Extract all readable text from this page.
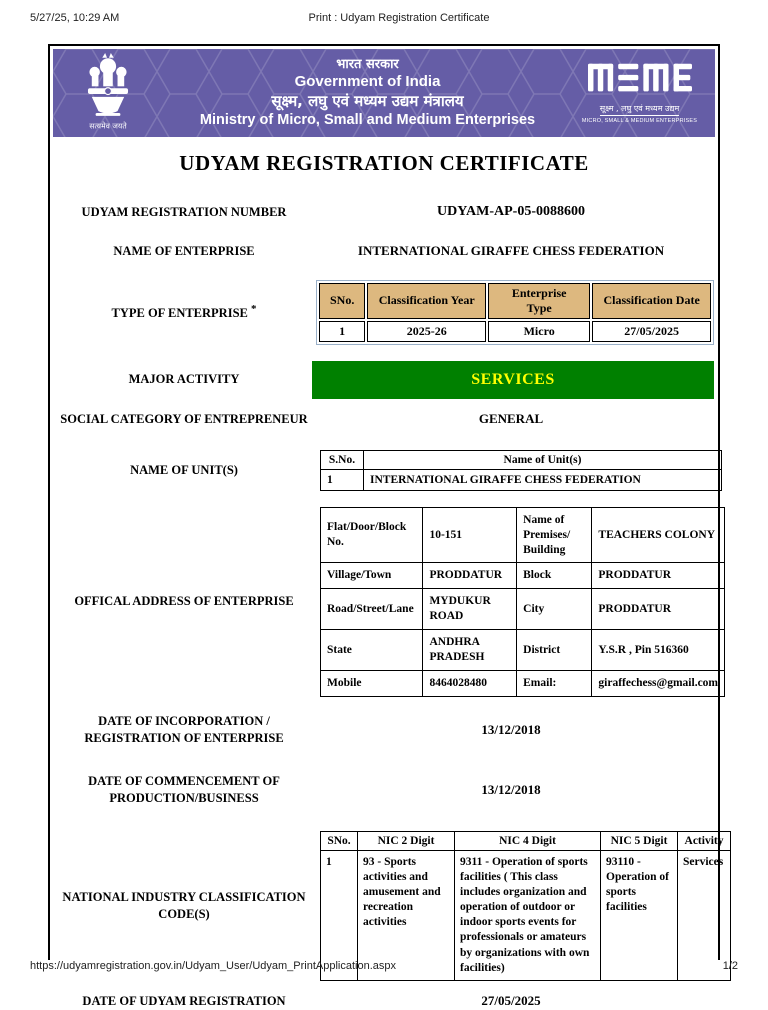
5/27/25, 10:29 AM	Print : Udyam Registration Certificate
सत्यमेव जयते
भारत सरकार
Government of India
सूक्ष्म, लघु एवं मध्यम उद्यम मंत्रालय
Ministry of Micro, Small and Medium Enterprises
सूक्ष्म , लघु एवं मध्यम उद्यम
MICRO, SMALL & MEDIUM ENTERPRISES
UDYAM REGISTRATION CERTIFICATE
UDYAM REGISTRATION NUMBER	UDYAM-AP-05-0088600
NAME OF ENTERPRISE	INTERNATIONAL GIRAFFE CHESS FEDERATION
TYPE OF ENTERPRISE *
SNo.	Classification Year	Enterprise Type	Classification Date
1	2025-26	Micro	27/05/2025
MAJOR ACTIVITY	SERVICES
SOCIAL CATEGORY OF ENTREPRENEUR	GENERAL
NAME OF UNIT(S)
S.No.	Name of Unit(s)
1	INTERNATIONAL GIRAFFE CHESS FEDERATION
OFFICAL ADDRESS OF ENTERPRISE
Flat/Door/Block No.	10-151	Name of Premises/ Building	TEACHERS COLONY
Village/Town	PRODDATUR	Block	PRODDATUR
Road/Street/Lane	MYDUKUR ROAD	City	PRODDATUR
State	ANDHRA PRADESH	District	Y.S.R , Pin 516360
Mobile	8464028480	Email:	giraffechess@gmail.com
DATE OF INCORPORATION / REGISTRATION OF ENTERPRISE
13/12/2018
DATE OF COMMENCEMENT OF PRODUCTION/BUSINESS
13/12/2018
NATIONAL INDUSTRY CLASSIFICATION CODE(S)
SNo.	NIC 2 Digit	NIC 4 Digit	NIC 5 Digit	Activity
1	93 - Sports activities and amusement and recreation activities	9311 - Operation of sports facilities ( This class includes organization and operation of outdoor or indoor sports events for professionals or amateurs by organizations with own facilities)	93110 - Operation of sports facilities	Services
DATE OF UDYAM REGISTRATION	27/05/2025
https://udyamregistration.gov.in/Udyam_User/Udyam_PrintApplication.aspx	1/2
